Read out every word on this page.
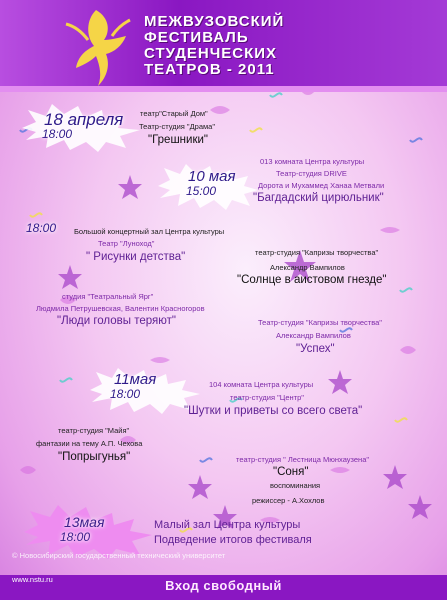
МЕЖВУЗОВСКИЙ
ФЕСТИВАЛЬ
СТУДЕНЧЕСКИХ
ТЕАТРОВ - 2011
18 апреля
18:00
театр"Старый Дом"
Театр-студия "Драма"
"Грешники"
013 комната Центра культуры
10 мая
15:00
Театр-студия DRIVE
Дорота и Мухаммед Ханаа Метвали
"Багдадский цирюльник"
18:00 Большой концертный зал Центра культуры
Театр "Луноход"
" Рисунки детства"	театр-студия "Капризы творчества"
Александр Вампилов
"Солнце в аистовом гнезде"
студия "Театральный Ярг"
Людмила Петрушевская, Валентин Красногоров
"Люди головы теряют"	Театр-студия "Капризы творчества"
Александр Вампилов
"Успех"
11мая
18:00
104 комната Центра культуры
театр-студия "Центр"
"Шутки и приветы со всего света"
театр-студия "Майя"
фантазии на тему А.П. Чехова
"Попрыгунья"	театр-студия " Лестница Мюнхаузена"
"Соня"
воспоминания
режиссер - А.Хохлов
13мая
18:00
Малый зал Центра культуры
Подведение итогов фестиваля
© Новосибирский государственный технический университет
www.nstu.ru	Вход свободный
